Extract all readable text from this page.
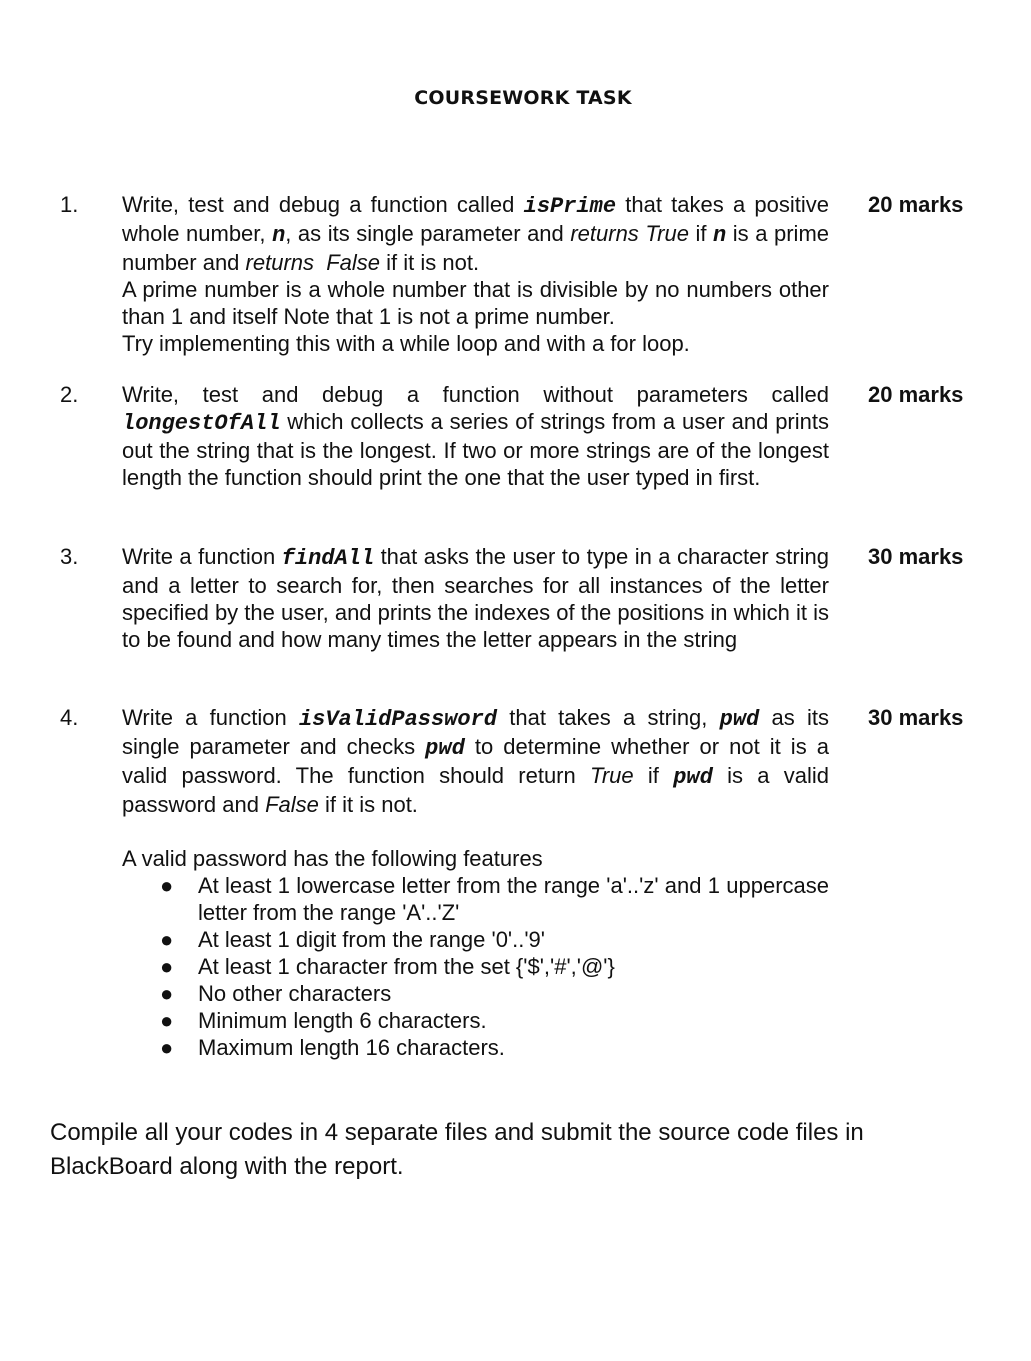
COURSEWORK TASK
1. Write, test and debug a function called isPrime that takes a positive whole number, n, as its single parameter and returns True if n is a prime number and returns  False if it is not.

A prime number is a whole number that is divisible by no numbers other than 1 and itself Note that 1 is not a prime number.

Try implementing this with a while loop and with a for loop.

20 marks
2. Write, test and debug a function without parameters called longestOfAll which collects a series of strings from a user and prints out the string that is the longest. If two or more strings are of the longest length the function should print the one that the user typed in first.

20 marks
3. Write a function findAll that asks the user to type in a character string and a letter to search for, then searches for all instances of the letter specified by the user, and prints the indexes of the positions in which it is to be found and how many times the letter appears in the string

30 marks
4. Write a function isValidPassword that takes a string, pwd as its single parameter and checks pwd to determine whether or not it is a valid password. The function should return True if pwd is a valid password and False if it is not.

A valid password has the following features

● At least 1 lowercase letter from the range 'a'..'z' and 1 uppercase letter from the range 'A'..'Z'
● At least 1 digit from the range '0'..'9'
● At least 1 character from the set {'$','#','@'}
● No other characters
● Minimum length 6 characters.
● Maximum length 16 characters.
30 marks
Compile all your codes in 4 separate files and submit the source code files in BlackBoard along with the report.
